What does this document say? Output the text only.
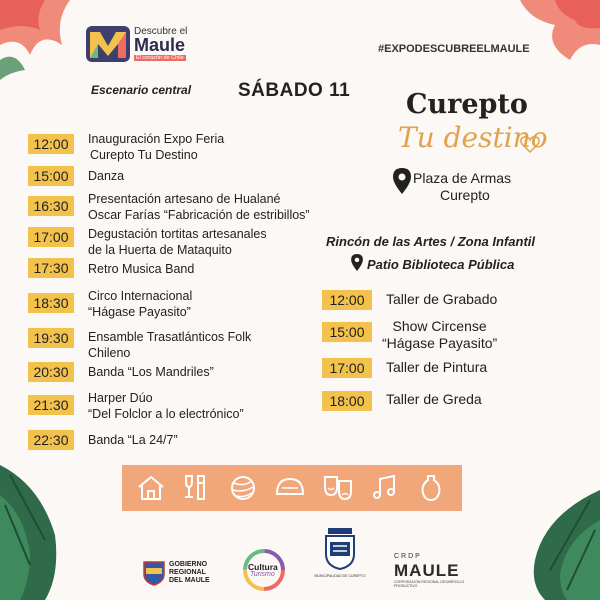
Descubre el
Maule
El corazón de Chile
#EXPODESCUBREELMAULE
Escenario central SÁBADO 11 Curepto
Tu destino
Plaza de Armas
Curepto
12:00	Inauguración Expo Feria
Curepto Tu Destino
15:00	Danza
16:30	Presentación artesano de Hualané
Oscar Farías “Fabricación de estribillos”
17:00	Degustación tortitas artesanales
de la Huerta de Mataquito
17:30	Retro Musica Band
18:30	Circo Internacional
“Hágase Payasito”
19:30	Ensamble Trasatlánticos Folk
Chileno
20:30	Banda “Los Mandriles”
21:30	Harper Dúo
“Del Folclor a lo electrónico”
22:30	Banda “La 24/7”
Rincón de las Artes / Zona Infantil
Patio Biblioteca Pública
12:00	Taller de Grabado
15:00	Show Circense
“Hágase Payasito”
17:00	Taller de Pintura
18:00	Taller de Greda
GOBIERNO
REGIONAL
DEL MAULE
Cultura
Turismo	MUNICIPALIDAD DE CUREPTO
CRDP
MAULE
CORPORACIÓN REGIONAL DESARROLLO PRODUCTIVO
